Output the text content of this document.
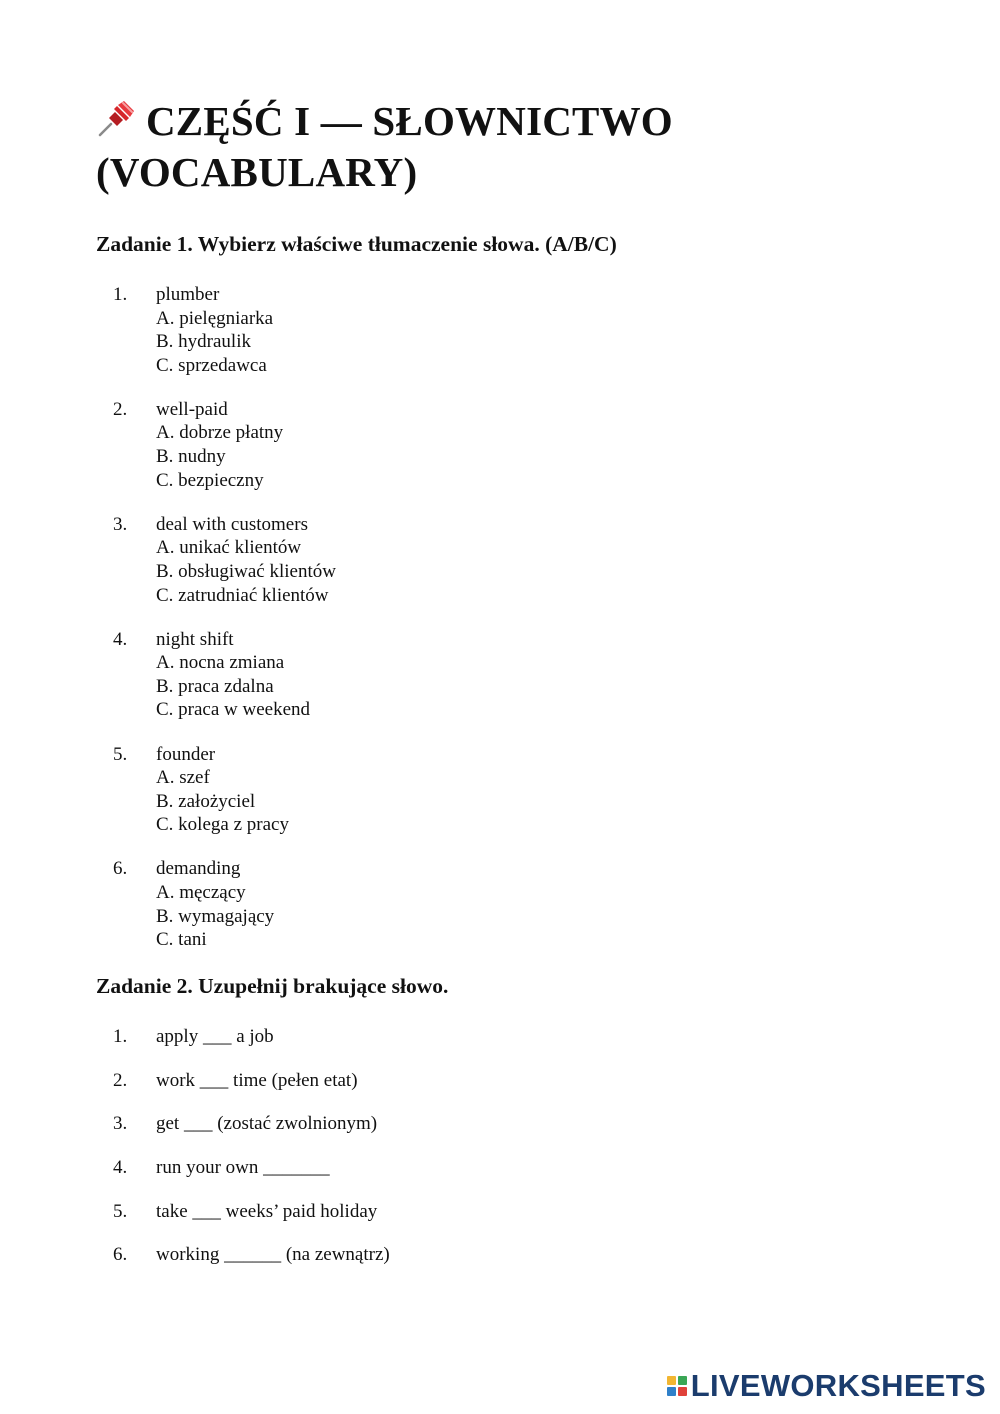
CZĘŚĆ I — SŁOWNICTWO
(VOCABULARY)
Zadanie 1. Wybierz właściwe tłumaczenie słowa. (A/B/C)
1. plumber
A. pielęgniarka
B. hydraulik
C. sprzedawca
2. well-paid
A. dobrze płatny
B. nudny
C. bezpieczny
3. deal with customers
A. unikać klientów
B. obsługiwać klientów
C. zatrudniać klientów
4. night shift
A. nocna zmiana
B. praca zdalna
C. praca w weekend
5. founder
A. szef
B. założyciel
C. kolega z pracy
6. demanding
A. męczący
B. wymagający
C. tani
Zadanie 2. Uzupełnij brakujące słowo.
1. apply ___ a job
2. work ___ time (pełen etat)
3. get ___ (zostać zwolnionym)
4. run your own _______
5. take ___ weeks’ paid holiday
6. working ______ (na zewnątrz)
LIVEWORKSHEETS
